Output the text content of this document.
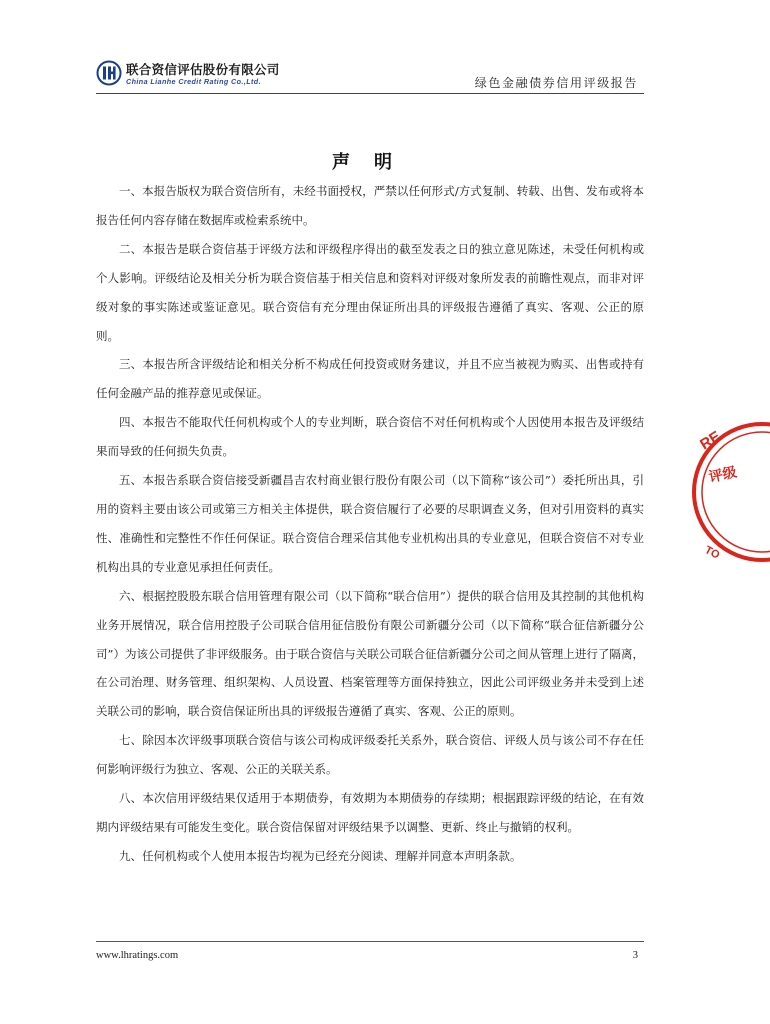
联合资信评估股份有限公司
China Lianhe Credit Rating Co.,Ltd.	绿色金融债券信用评级报告
声明

一、本报告版权为联合资信所有，未经书面授权，严禁以任何形式/方式复制、转载、出售、发布或将本报告任何内容存储在数据库或检索系统中。

二、本报告是联合资信基于评级方法和评级程序得出的截至发表之日的独立意见陈述，未受任何机构或个人影响。评级结论及相关分析为联合资信基于相关信息和资料对评级对象所发表的前瞻性观点，而非对评级对象的事实陈述或鉴证意见。联合资信有充分理由保证所出具的评级报告遵循了真实、客观、公正的原则。

三、本报告所含评级结论和相关分析不构成任何投资或财务建议，并且不应当被视为购买、出售或持有任何金融产品的推荐意见或保证。

四、本报告不能取代任何机构或个人的专业判断，联合资信不对任何机构或个人因使用本报告及评级结果而导致的任何损失负责。

五、本报告系联合资信接受新疆昌吉农村商业银行股份有限公司（以下简称“该公司”）委托所出具，引用的资料主要由该公司或第三方相关主体提供，联合资信履行了必要的尽职调查义务，但对引用资料的真实性、准确性和完整性不作任何保证。联合资信合理采信其他专业机构出具的专业意见，但联合资信不对专业机构出具的专业意见承担任何责任。

六、根据控股股东联合信用管理有限公司（以下简称“联合信用”）提供的联合信用及其控制的其他机构业务开展情况，联合信用控股子公司联合信用征信股份有限公司新疆分公司（以下简称“联合征信新疆分公司”）为该公司提供了非评级服务。由于联合资信与关联公司联合征信新疆分公司之间从管理上进行了隔离，在公司治理、财务管理、组织架构、人员设置、档案管理等方面保持独立，因此公司评级业务并未受到上述关联公司的影响，联合资信保证所出具的评级报告遵循了真实、客观、公正的原则。

七、除因本次评级事项联合资信与该公司构成评级委托关系外，联合资信、评级人员与该公司不存在任何影响评级行为独立、客观、公正的关联关系。

八、本次信用评级结果仅适用于本期债券，有效期为本期债券的存续期；根据跟踪评级的结论，在有效期内评级结果有可能发生变化。联合资信保留对评级结果予以调整、更新、终止与撤销的权利。

九、任何机构或个人使用本报告均视为已经充分阅读、理解并同意本声明条款。

RE
评级
TO
www.lhratings.com	3
